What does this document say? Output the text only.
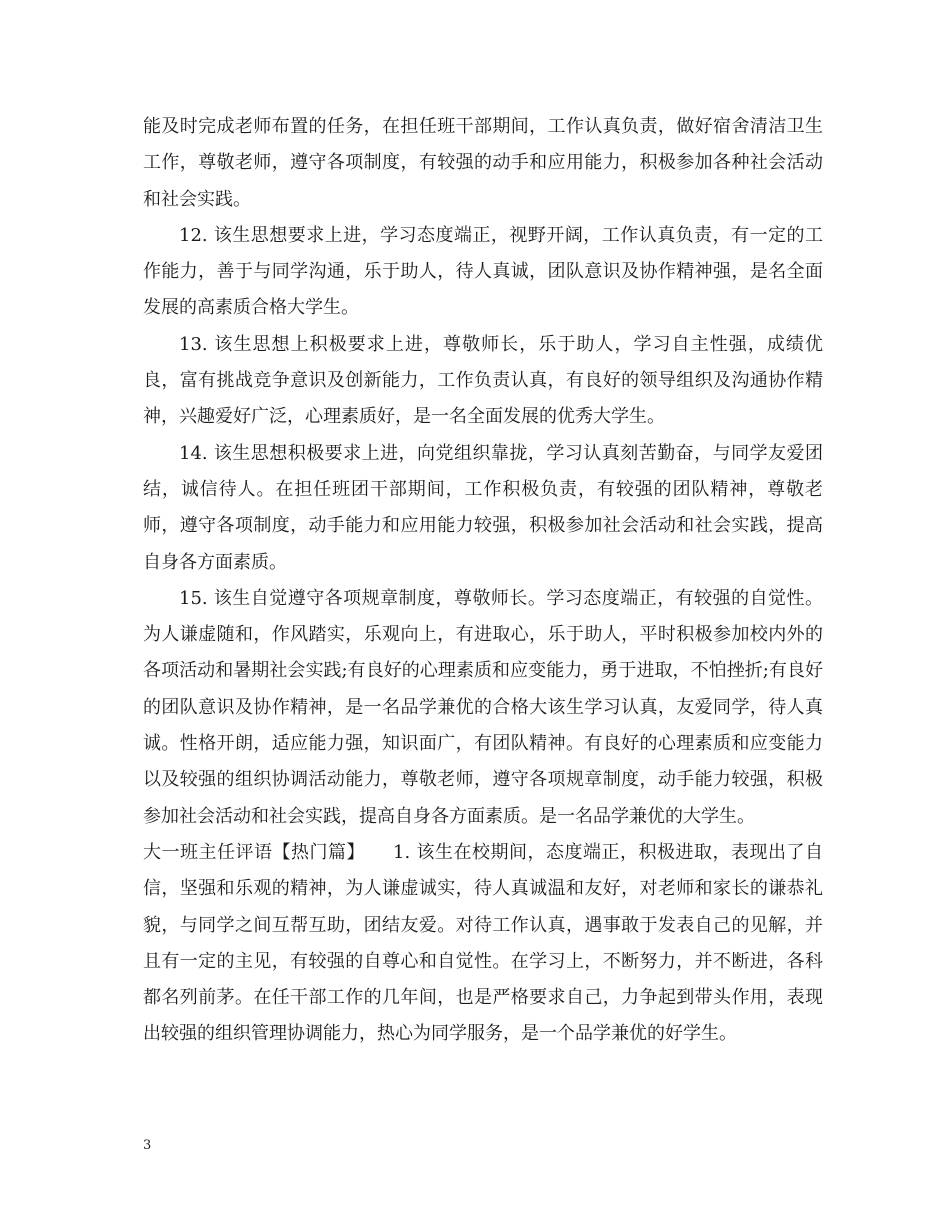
能及时完成老师布置的任务，在担任班干部期间，工作认真负责，做好宿舍清洁卫生工作，尊敬老师，遵守各项制度，有较强的动手和应用能力，积极参加各种社会活动和社会实践。

12. 该生思想要求上进，学习态度端正，视野开阔，工作认真负责，有一定的工作能力，善于与同学沟通，乐于助人，待人真诚，团队意识及协作精神强，是名全面发展的高素质合格大学生。

13. 该生思想上积极要求上进，尊敬师长，乐于助人，学习自主性强，成绩优良，富有挑战竞争意识及创新能力，工作负责认真，有良好的领导组织及沟通协作精神，兴趣爱好广泛，心理素质好，是一名全面发展的优秀大学生。

14. 该生思想积极要求上进，向党组织靠拢，学习认真刻苦勤奋，与同学友爱团结，诚信待人。在担任班团干部期间，工作积极负责，有较强的团队精神，尊敬老师，遵守各项制度，动手能力和应用能力较强，积极参加社会活动和社会实践，提高自身各方面素质。

15. 该生自觉遵守各项规章制度，尊敬师长。学习态度端正，有较强的自觉性。为人谦虚随和，作风踏实，乐观向上，有进取心，乐于助人，平时积极参加校内外的各项活动和暑期社会实践;有良好的心理素质和应变能力，勇于进取，不怕挫折;有良好的团队意识及协作精神，是一名品学兼优的合格大该生学习认真，友爱同学，待人真诚。性格开朗，适应能力强，知识面广，有团队精神。有良好的心理素质和应变能力以及较强的组织协调活动能力，尊敬老师，遵守各项规章制度，动手能力较强，积极参加社会活动和社会实践，提高自身各方面素质。是一名品学兼优的大学生。

大一班主任评语【热门篇】　　 1. 该生在校期间，态度端正，积极进取，表现出了自信，坚强和乐观的精神，为人谦虚诚实，待人真诚温和友好，对老师和家长的谦恭礼貌，与同学之间互帮互助，团结友爱。对待工作认真，遇事敢于发表自己的见解，并且有一定的主见，有较强的自尊心和自觉性。在学习上，不断努力，并不断进，各科都名列前茅。在任干部工作的几年间，也是严格要求自己，力争起到带头作用，表现出较强的组织管理协调能力，热心为同学服务，是一个品学兼优的好学生。

3
